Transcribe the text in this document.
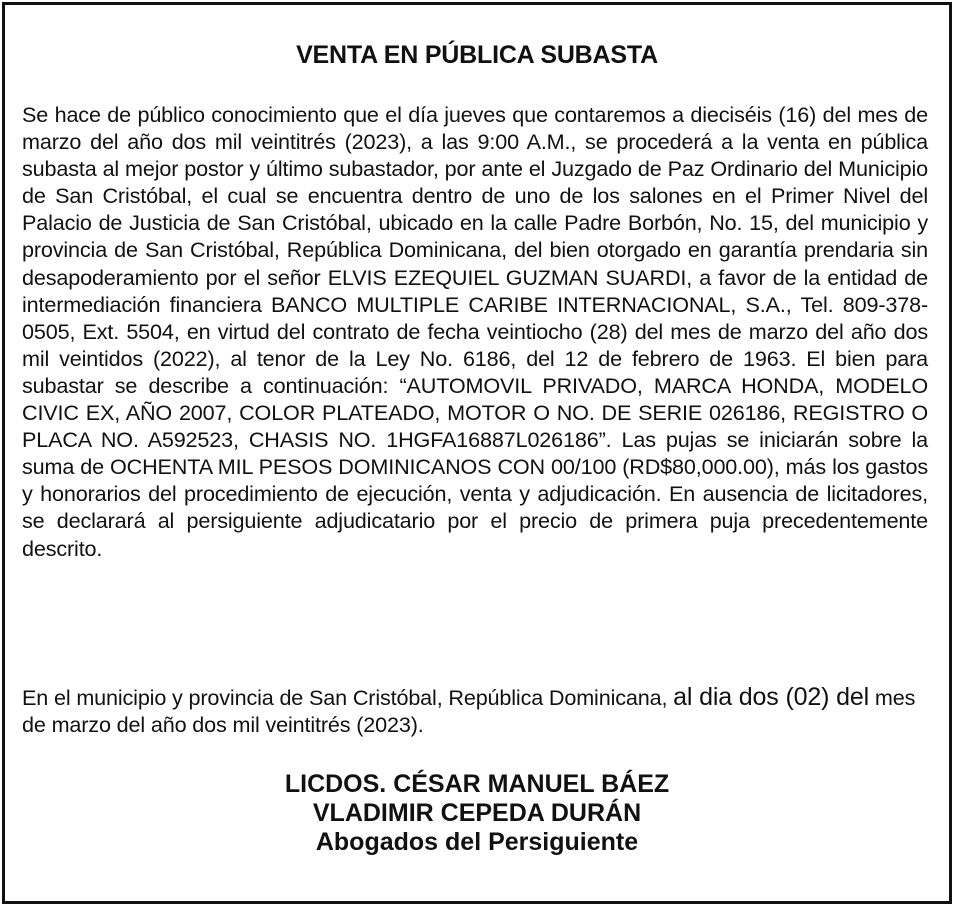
VENTA EN PÚBLICA SUBASTA

Se hace de público conocimiento que el día jueves que contaremos a dieciséis (16) del mes de marzo del año dos mil veintitrés (2023), a las 9:00 A.M., se procederá a la venta en pública subasta al mejor postor y último subastador, por ante el Juzgado de Paz Ordinario del Municipio de San Cristóbal, el cual se encuentra dentro de uno de los salones en el Primer Nivel del Palacio de Justicia de San Cristóbal, ubicado en la calle Padre Borbón, No. 15, del municipio y provincia de San Cristóbal, República Dominicana, del bien otorgado en garantía prendaria sin desapoderamiento por el señor ELVIS EZEQUIEL GUZMAN SUARDI, a favor de la entidad de intermediación financiera BANCO MULTIPLE CARIBE INTERNACIONAL, S.A., Tel. 809-378-0505, Ext. 5504, en virtud del contrato de fecha veintiocho (28) del mes de marzo del año dos mil veintidos (2022), al tenor de la Ley No. 6186, del 12 de febrero de 1963. El bien para subastar se describe a continuación: “AUTOMOVIL PRIVADO, MARCA HONDA, MODELO CIVIC EX, AÑO 2007, COLOR PLATEADO, MOTOR O NO. DE SERIE 026186, REGISTRO O PLACA NO. A592523, CHASIS NO. 1HGFA16887L026186”. Las pujas se iniciarán sobre la suma de OCHENTA MIL PESOS DOMINICANOS CON 00/100 (RD$80,000.00), más los gastos y honorarios del procedimiento de ejecución, venta y adjudicación. En ausencia de licitadores, se declarará al persiguiente adjudicatario por el precio de primera puja precedentemente descrito.

En el municipio y provincia de San Cristóbal, República Dominicana, al dia dos (02) del mes de marzo del año dos mil veintitrés (2023).

LICDOS. CÉSAR MANUEL BÁEZ

VLADIMIR CEPEDA DURÁN

Abogados del Persiguiente
